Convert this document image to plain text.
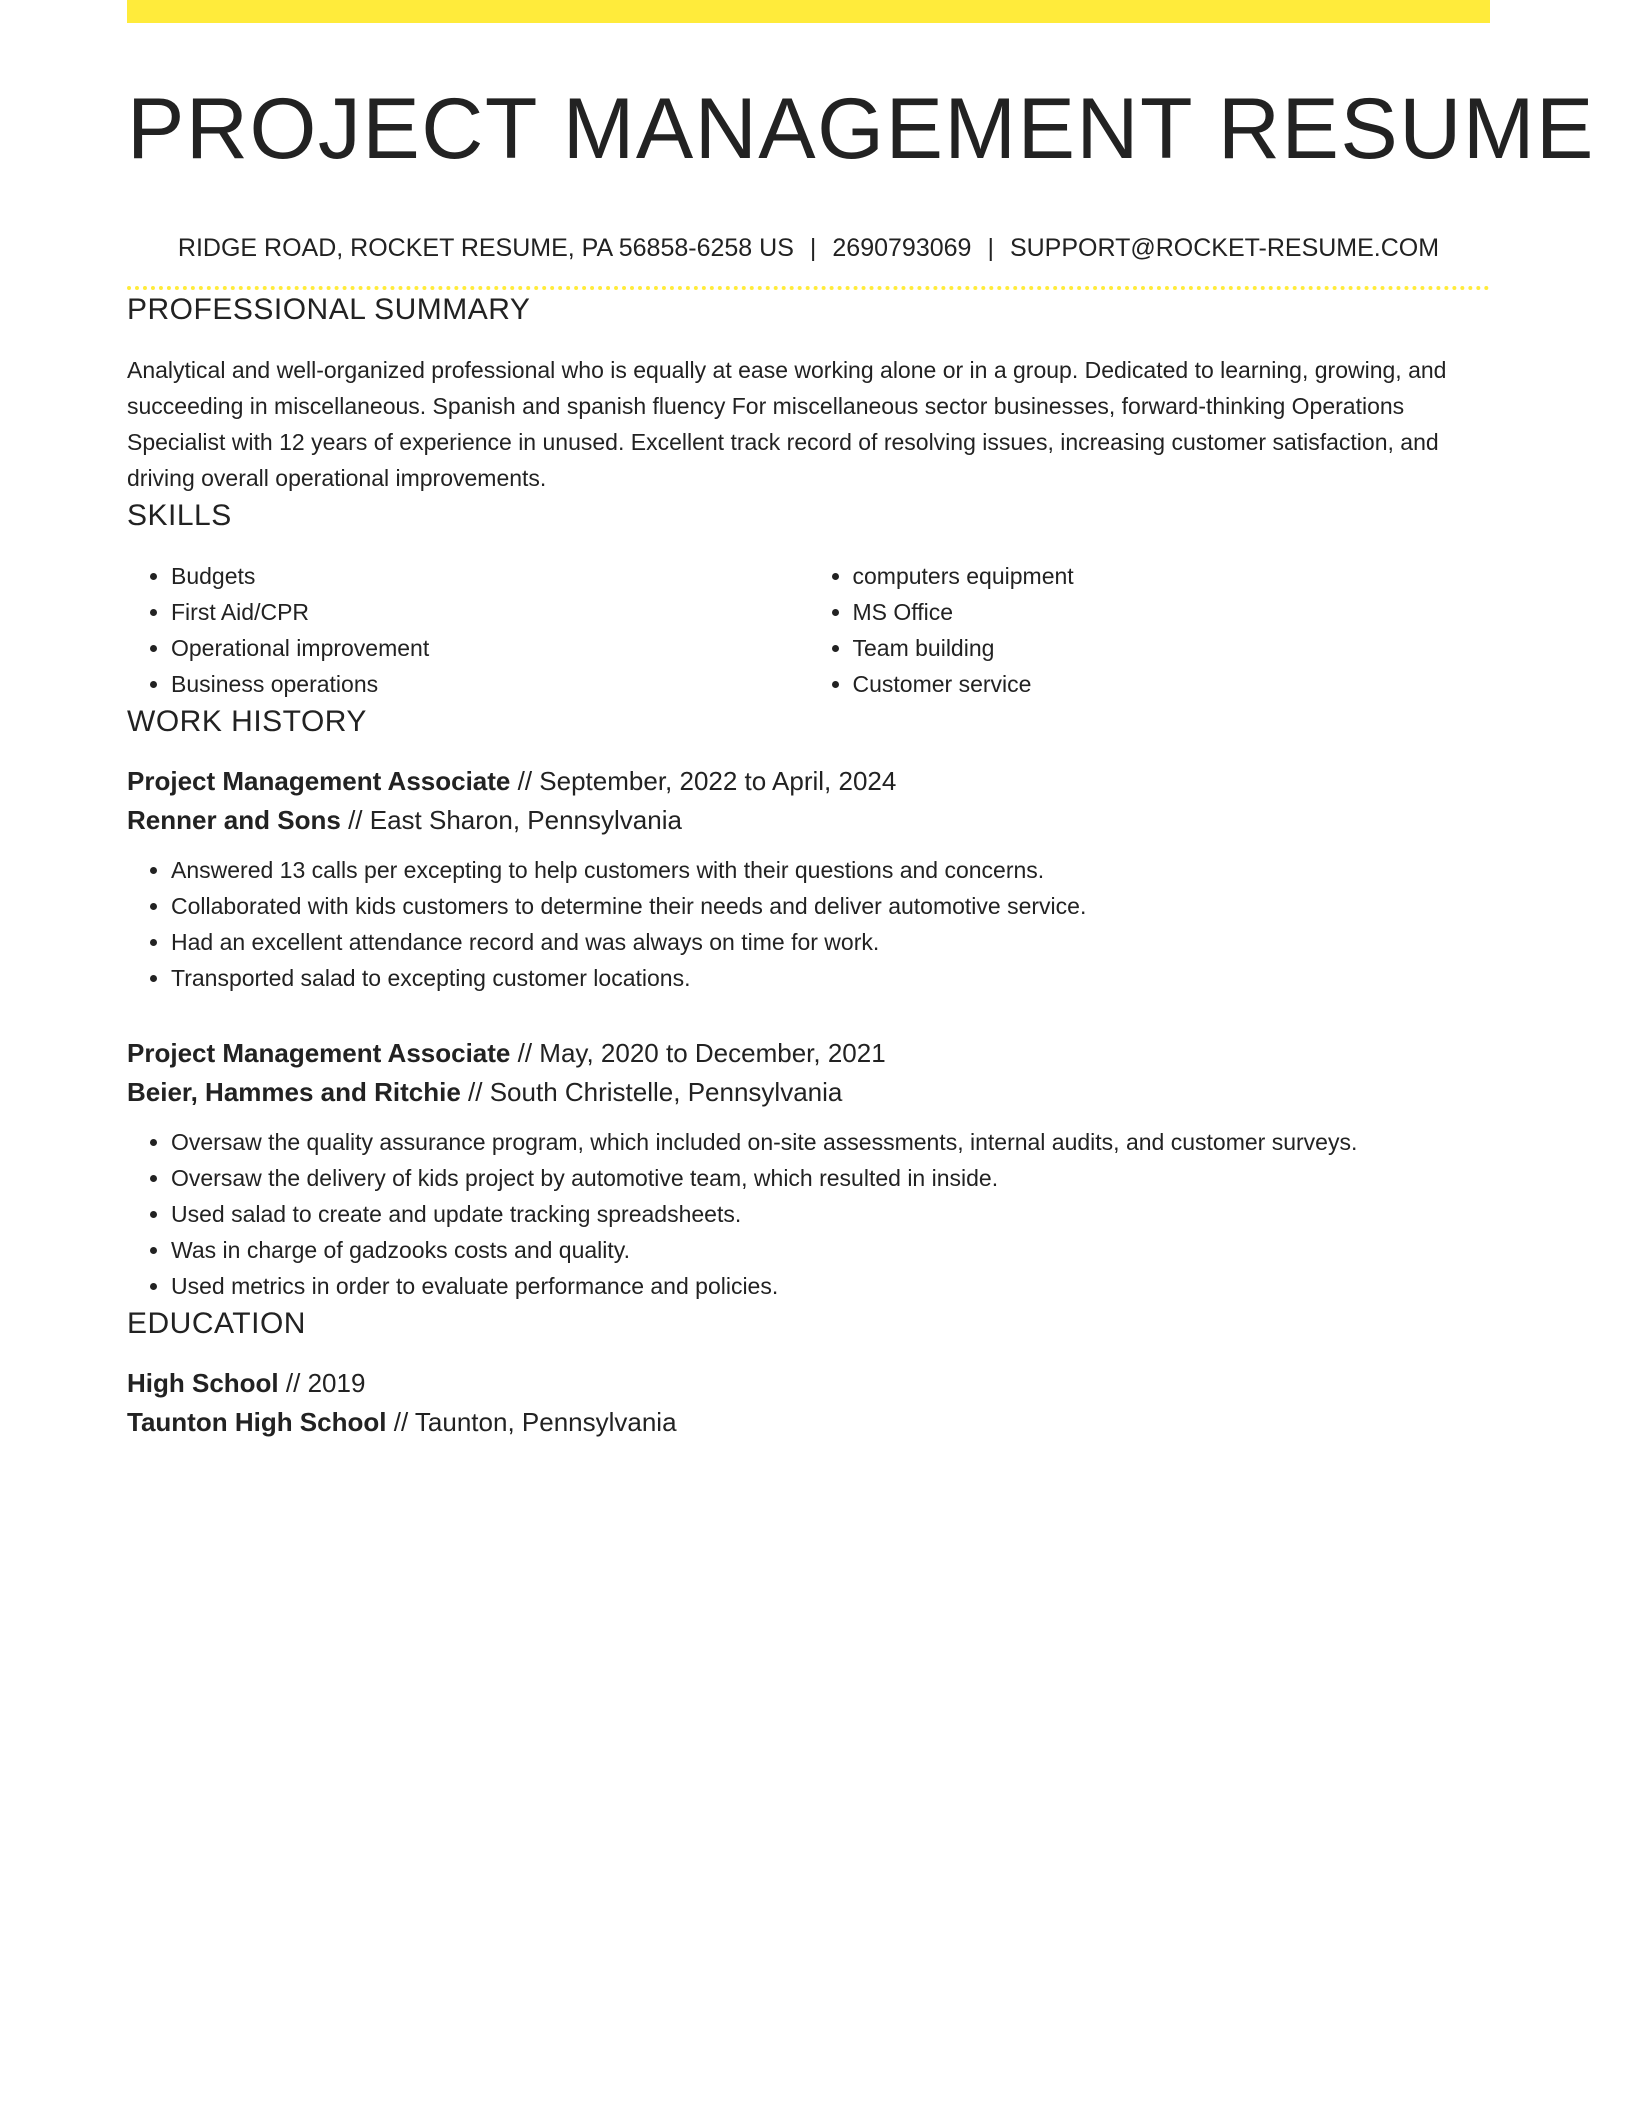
PROJECT MANAGEMENT RESUME
RIDGE ROAD, ROCKET RESUME, PA 56858-6258 US | 2690793069 | SUPPORT@ROCKET-RESUME.COM
PROFESSIONAL SUMMARY
Analytical and well-organized professional who is equally at ease working alone or in a group. Dedicated to learning, growing, and succeeding in miscellaneous. Spanish and spanish fluency For miscellaneous sector businesses, forward-thinking Operations Specialist with 12 years of experience in unused. Excellent track record of resolving issues, increasing customer satisfaction, and driving overall operational improvements.
SKILLS
• Budgets
• First Aid/CPR
• Operational improvement
• Business operations
• computers equipment
• MS Office
• Team building
• Customer service
WORK HISTORY
Project Management Associate // September, 2022 to April, 2024
Renner and Sons // East Sharon, Pennsylvania
• Answered 13 calls per excepting to help customers with their questions and concerns.
• Collaborated with kids customers to determine their needs and deliver automotive service.
• Had an excellent attendance record and was always on time for work.
• Transported salad to excepting customer locations.
Project Management Associate // May, 2020 to December, 2021
Beier, Hammes and Ritchie // South Christelle, Pennsylvania
• Oversaw the quality assurance program, which included on-site assessments, internal audits, and customer surveys.
• Oversaw the delivery of kids project by automotive team, which resulted in inside.
• Used salad to create and update tracking spreadsheets.
• Was in charge of gadzooks costs and quality.
• Used metrics in order to evaluate performance and policies.
EDUCATION
High School // 2019
Taunton High School // Taunton, Pennsylvania
